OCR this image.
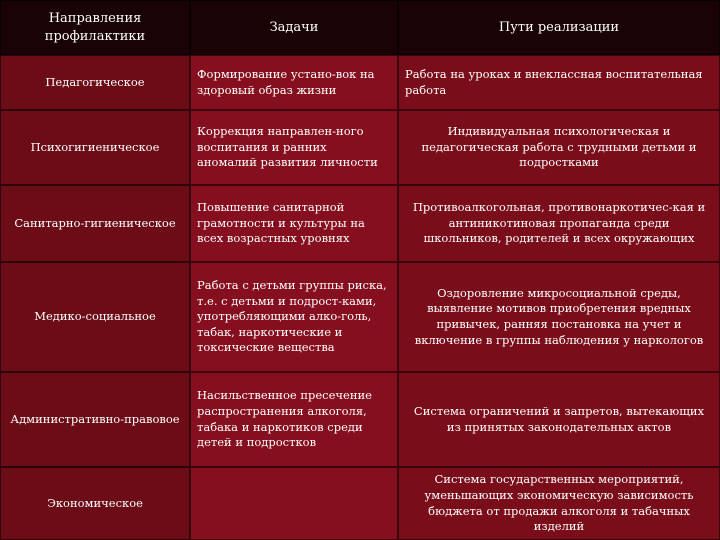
Направления
профилактики
Задачи	Пути реализации
Педагогическое
Формирование устано-вок на
здоровый образ жизни
Работа на уроках и внеклассная воспитательная
работа
Психогигиеническое
Коррекция направлен-ного
воспитания и ранних
аномалий развития личности
Индивидуальная психологическая и
педагогическая работа с трудными детьми и
подростками
Санитарно-гигиеническое
Повышение санитарной
грамотности и культуры на
всех возрастных уровнях
Противоалкогольная, противонаркотичес-кая и
антиникотиновая пропаганда среди
школьников, родителей и всех окружающих
Медико-социальное
Работа с детьми группы риска,
т.е. с детьми и подрост-ками,
употребляющими алко-голь,
табак, наркотические и
токсические вещества
Оздоровление микросоциальной среды,
выявление мотивов приобретения вредных
привычек, ранняя постановка на учет и
включение в группы наблюдения у наркологов
Административно-правовое
Насильственное пресечение
распространения алкоголя,
табака и наркотиков среди
детей и подростков
Система ограничений и запретов, вытекающих
из принятых законодательных актов
Экономическое
Система государственных мероприятий,
уменьшающих экономическую зависимость
бюджета от продажи алкоголя и табачных
изделий
